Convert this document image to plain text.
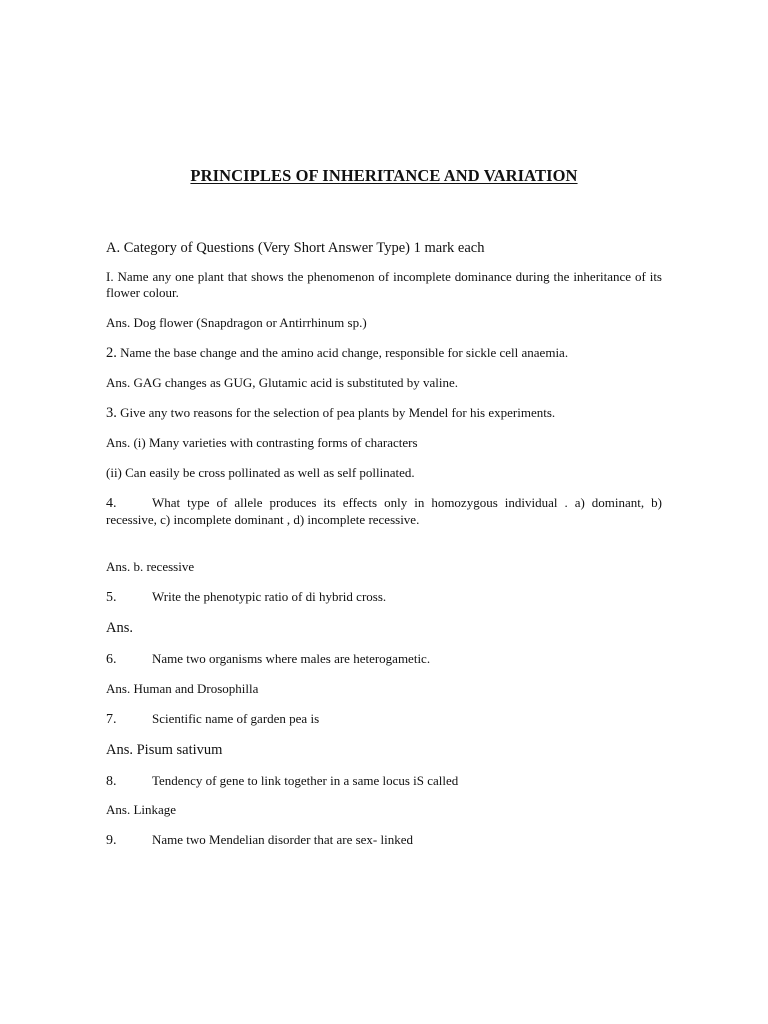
PRINCIPLES OF INHERITANCE AND VARIATION
A. Category of Questions (Very Short Answer Type) 1 mark each
I. Name any one plant that shows the phenomenon of incomplete dominance during the inheritance of its flower colour.
Ans. Dog flower (Snapdragon or Antirrhinum sp.)
2. Name the base change and the amino acid change, responsible for sickle cell anaemia.
Ans. GAG changes as GUG, Glutamic acid is substituted by valine.
3. Give any two reasons for the selection of pea plants by Mendel for his experiments.
Ans. (i) Many varieties with contrasting forms of characters
(ii) Can easily be cross pollinated as well as self pollinated.
4.	What type of allele produces its effects only in homozygous individual . a) dominant, b) recessive, c) incomplete dominant , d) incomplete recessive.
Ans. b. recessive
5.	Write the phenotypic ratio of di hybrid cross.
Ans.
6.	Name two organisms where males are heterogametic.
Ans. Human and Drosophilla
7.	Scientific name of garden pea is
Ans. Pisum sativum
8.	Tendency of gene to link together in a same locus iS called
Ans. Linkage
9.	Name two Mendelian disorder that are sex- linked
